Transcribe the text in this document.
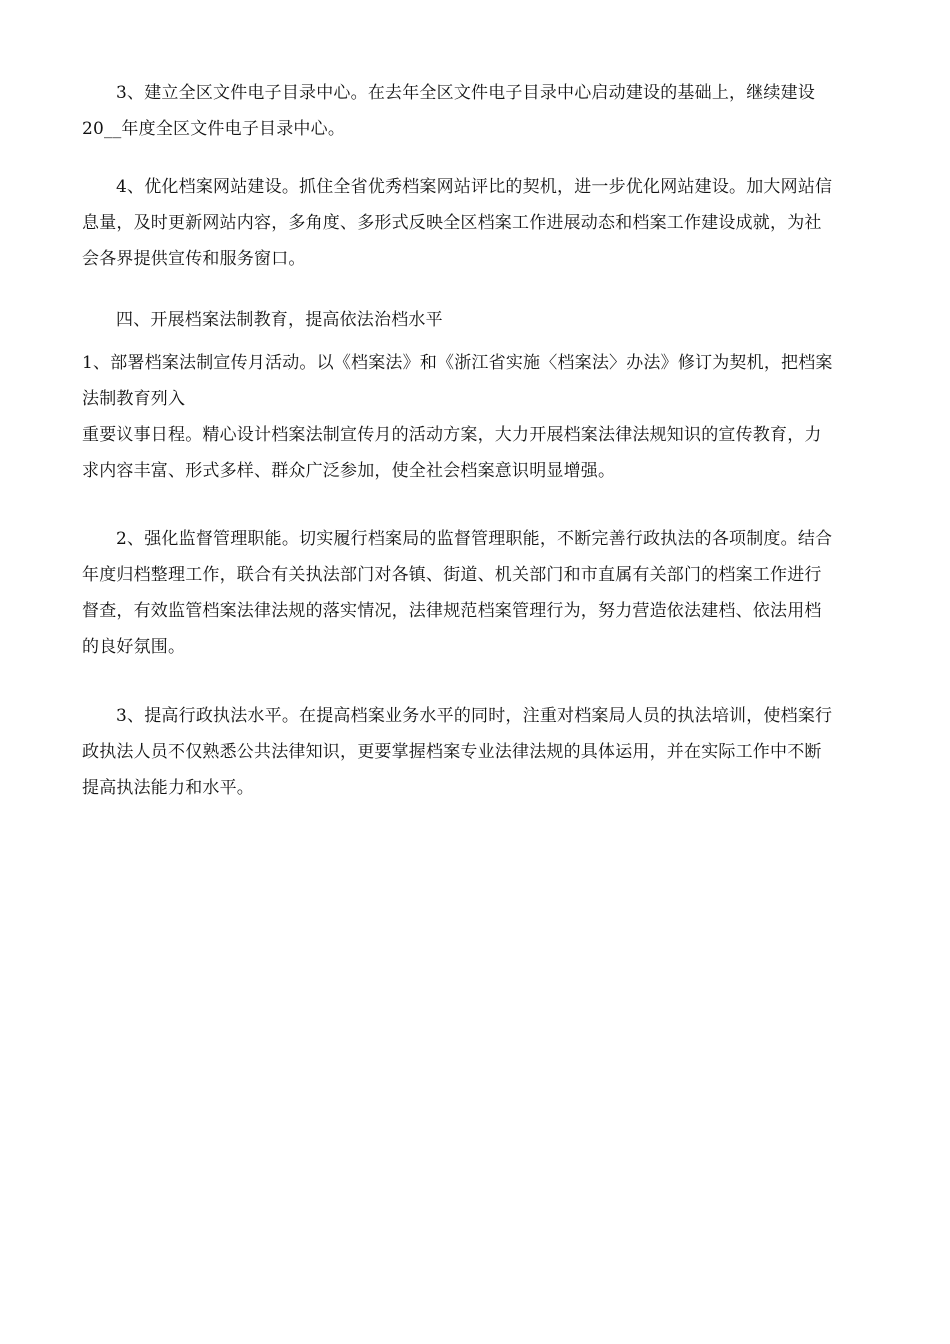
3、建立全区文件电子目录中心。在去年全区文件电子目录中心启动建设的基础上，继续建设
20__年度全区文件电子目录中心。
4、优化档案网站建设。抓住全省优秀档案网站评比的契机，进一步优化网站建设。加大网站信
息量，及时更新网站内容，多角度、多形式反映全区档案工作进展动态和档案工作建设成就，为社
会各界提供宣传和服务窗口。
四、开展档案法制教育，提高依法治档水平
1、部署档案法制宣传月活动。以《档案法》和《浙江省实施〈档案法〉办法》修订为契机，把档案
法制教育列入
重要议事日程。精心设计档案法制宣传月的活动方案，大力开展档案法律法规知识的宣传教育，力
求内容丰富、形式多样、群众广泛参加，使全社会档案意识明显增强。
2、强化监督管理职能。切实履行档案局的监督管理职能，不断完善行政执法的各项制度。结合
年度归档整理工作，联合有关执法部门对各镇、街道、机关部门和市直属有关部门的档案工作进行
督查，有效监管档案法律法规的落实情况，法律规范档案管理行为，努力营造依法建档、依法用档
的良好氛围。
3、提高行政执法水平。在提高档案业务水平的同时，注重对档案局人员的执法培训，使档案行
政执法人员不仅熟悉公共法律知识，更要掌握档案专业法律法规的具体运用，并在实际工作中不断
提高执法能力和水平。
